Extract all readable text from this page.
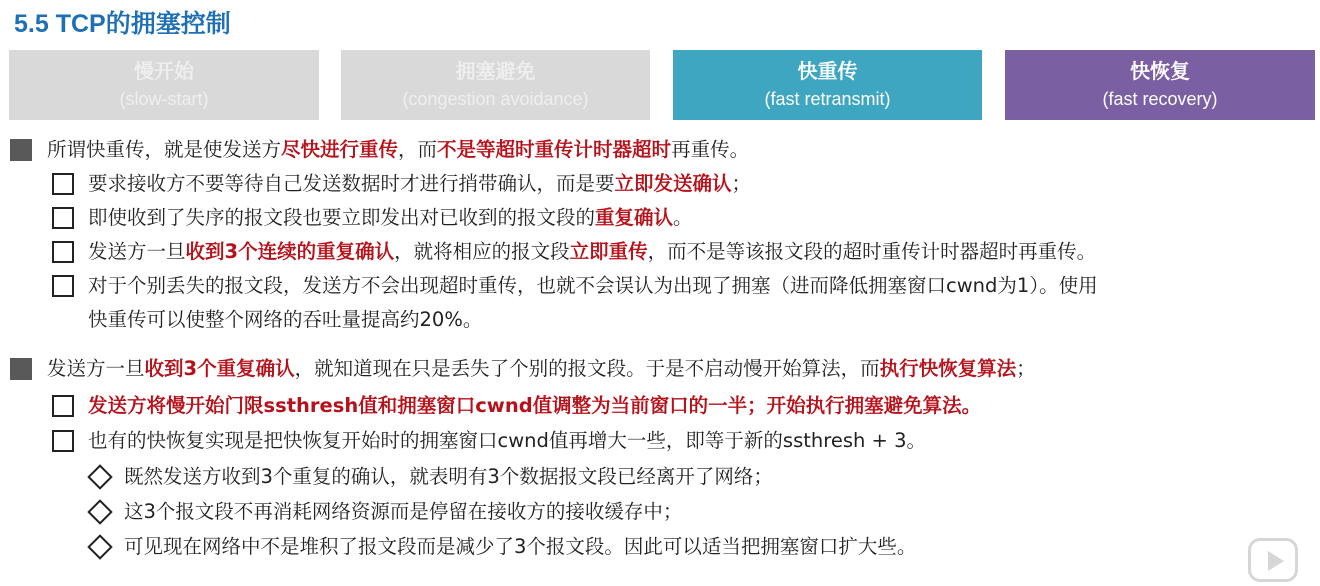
5.5 TCP的拥塞控制
慢开始
(slow-start)
拥塞避免
(congestion avoidance)
快重传
(fast retransmit)
快恢复
(fast recovery)
所谓快重传，就是使发送方尽快进行重传，而不是等超时重传计时器超时再重传。
要求接收方不要等待自己发送数据时才进行捎带确认，而是要立即发送确认；
即使收到了失序的报文段也要立即发出对已收到的报文段的重复确认。
发送方一旦收到3个连续的重复确认，就将相应的报文段立即重传，而不是等该报文段的超时重传计时器超时再重传。
对于个别丢失的报文段，发送方不会出现超时重传，也就不会误认为出现了拥塞（进而降低拥塞窗口cwnd为1）。使用
快重传可以使整个网络的吞吐量提高约20%。
发送方一旦收到3个重复确认，就知道现在只是丢失了个别的报文段。于是不启动慢开始算法，而执行快恢复算法；
发送方将慢开始门限ssthresh值和拥塞窗口cwnd值调整为当前窗口的一半；开始执行拥塞避免算法。
也有的快恢复实现是把快恢复开始时的拥塞窗口cwnd值再增大一些，即等于新的ssthresh + 3。
既然发送方收到3个重复的确认，就表明有3个数据报文段已经离开了网络；
这3个报文段不再消耗网络资源而是停留在接收方的接收缓存中；
可见现在网络中不是堆积了报文段而是减少了3个报文段。因此可以适当把拥塞窗口扩大些。
